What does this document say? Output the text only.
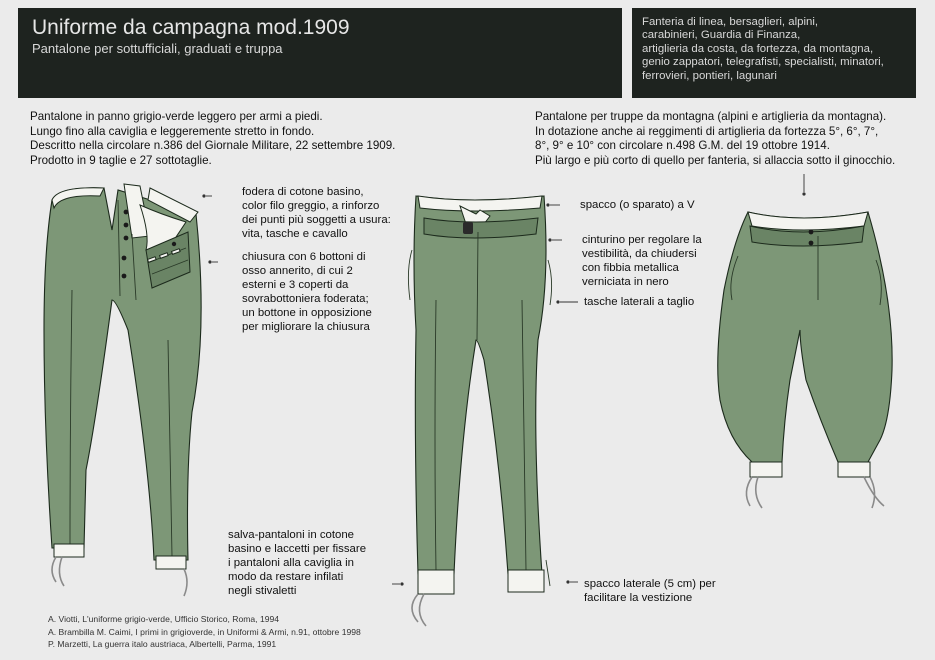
Uniforme da campagna mod.1909
Pantalone per sottufficiali, graduati e truppa
Fanteria di linea, bersaglieri, alpini,
carabinieri, Guardia di Finanza,
artiglieria da costa, da fortezza, da montagna,
genio zappatori, telegrafisti, specialisti, minatori,
ferrovieri, pontieri, lagunari
Pantalone in panno grigio-verde leggero per armi a piedi.
Lungo fino alla caviglia e leggeremente stretto in fondo.
Descritto nella circolare n.386 del Giornale Militare, 22 settembre 1909.
Prodotto in 9 taglie e 27 sottotaglie.
Pantalone per truppe da montagna (alpini e artiglieria da montagna).
In dotazione anche ai reggimenti di artiglieria da fortezza 5°, 6°, 7°,
8°, 9° e 10° con circolare n.498 G.M. del 19 ottobre 1914.
Più largo e più corto di quello per fanteria, si allaccia sotto il ginocchio.
fodera di cotone basino,
color filo greggio, a rinforzo
dei punti più soggetti a usura:
vita, tasche e cavallo
chiusura con 6 bottoni di
osso annerito, di cui 2
esterni e 3 coperti da
sovrabottoniera foderata;
un bottone in opposizione
per migliorare la chiusura
spacco (o sparato) a V
cinturino per regolare la
vestibilità, da chiudersi
con fibbia metallica
verniciata in nero
tasche laterali a taglio
salva-pantaloni in cotone
basino e laccetti per fissare
i pantaloni alla caviglia in
modo da restare infilati
negli stivaletti
spacco laterale (5 cm) per
facilitare la vestizione
A. Viotti, L'uniforme grigio-verde, Ufficio Storico, Roma, 1994
A. Brambilla M. Caimi, I primi in grigioverde, in Uniformi & Armi, n.91, ottobre 1998
P. Marzetti, La guerra italo austriaca, Albertelli, Parma, 1991
